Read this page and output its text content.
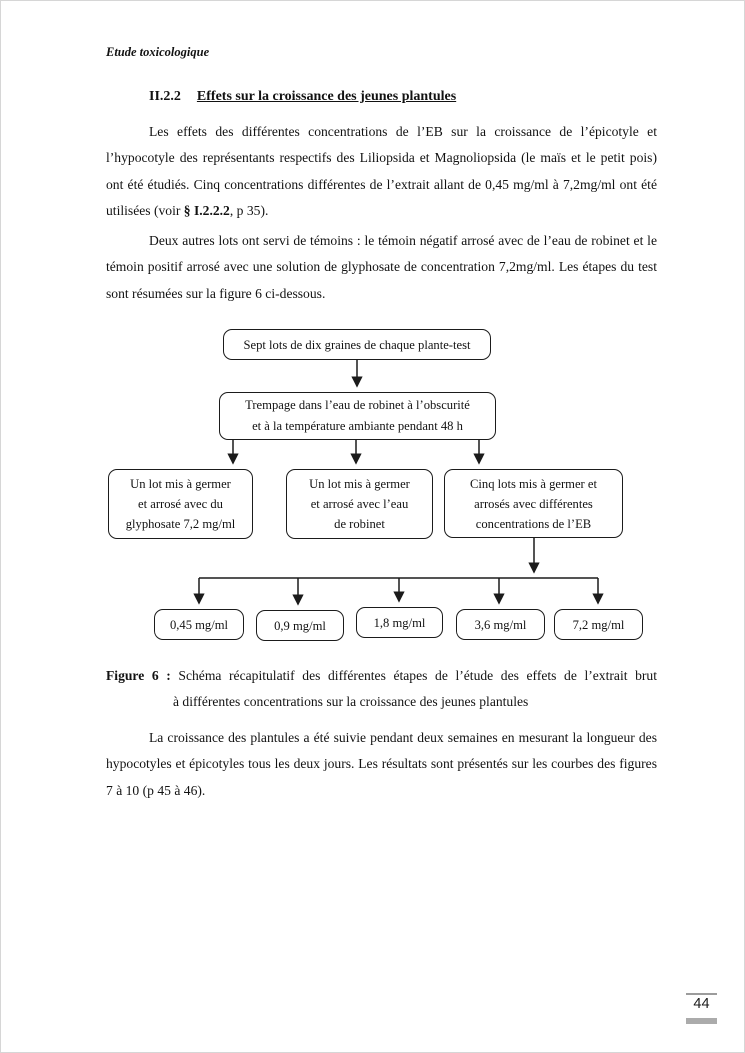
Etude toxicologique
II.2.2 Effets sur la croissance des jeunes plantules
Les effets des différentes concentrations de l’EB sur la croissance de l’épicotyle et l’hypocotyle des représentants respectifs des Liliopsida et Magnoliopsida (le maïs et le petit pois) ont été étudiés. Cinq concentrations différentes de l’extrait allant de 0,45 mg/ml à 7,2mg/ml ont été utilisées (voir § I.2.2.2, p 35).
Deux autres lots ont servi de témoins : le témoin négatif arrosé avec de l’eau de robinet et le témoin positif arrosé avec une solution de glyphosate de concentration 7,2mg/ml. Les étapes du test sont résumées sur la figure 6 ci-dessous.
Sept lots de dix graines de chaque plante-test
Trempage dans l’eau de robinet à l’obscurité
et à la température ambiante pendant 48 h
Un lot mis à germer
et arrosé avec du
glyphosate 7,2 mg/ml
Un lot mis à germer
et arrosé avec l’eau
de robinet
Cinq lots mis à germer et
arrosés avec différentes
concentrations de l’EB
0,45 mg/ml	0,9 mg/ml	1,8 mg/ml	3,6 mg/ml	7,2 mg/ml
Figure 6 : Schéma récapitulatif des différentes étapes de l’étude des effets de l’extrait brut
à différentes concentrations sur la croissance des jeunes plantules
La croissance des plantules a été suivie pendant deux semaines en mesurant la longueur des hypocotyles et épicotyles tous les deux jours. Les résultats sont présentés sur les courbes des figures 7 à 10 (p 45 à 46).
44
